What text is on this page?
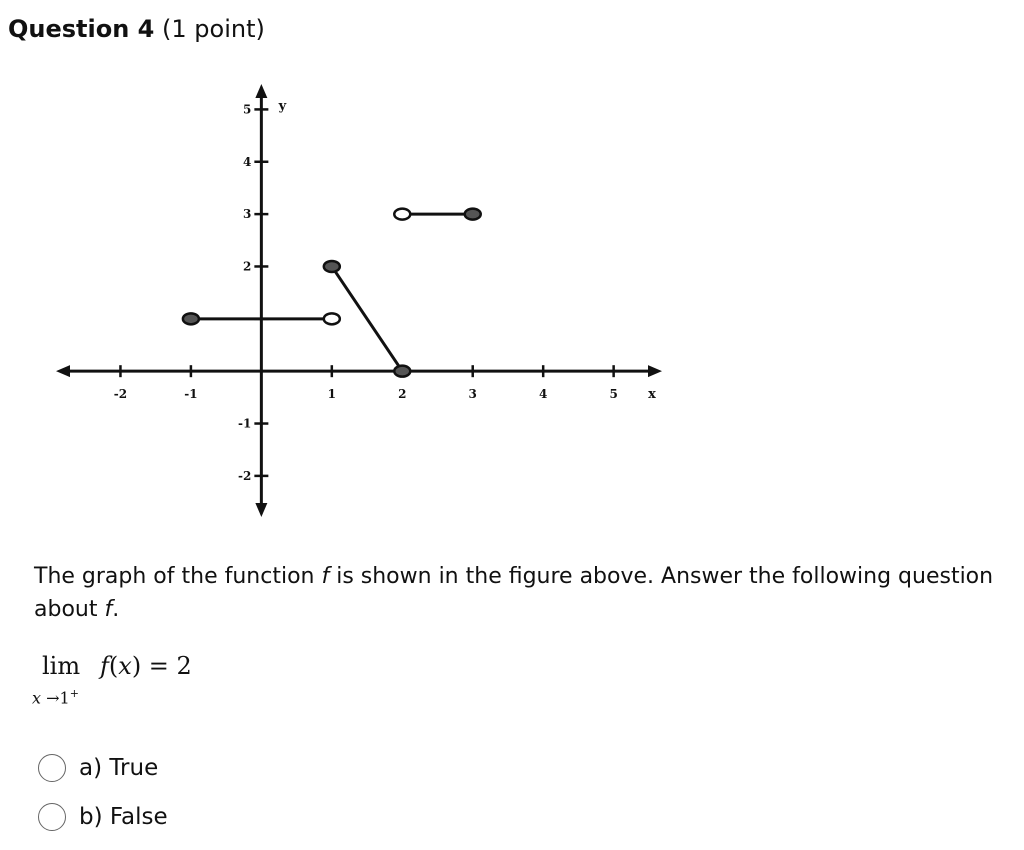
Question 4 (1 point)
x
y
-2	-1	1	2	3	4	5
-2
-1
2
3
4
5
The graph of the function f is shown in the figure above. Answer the following question about f.
lim f(x) = 2
x →1+
a) True
b) False
